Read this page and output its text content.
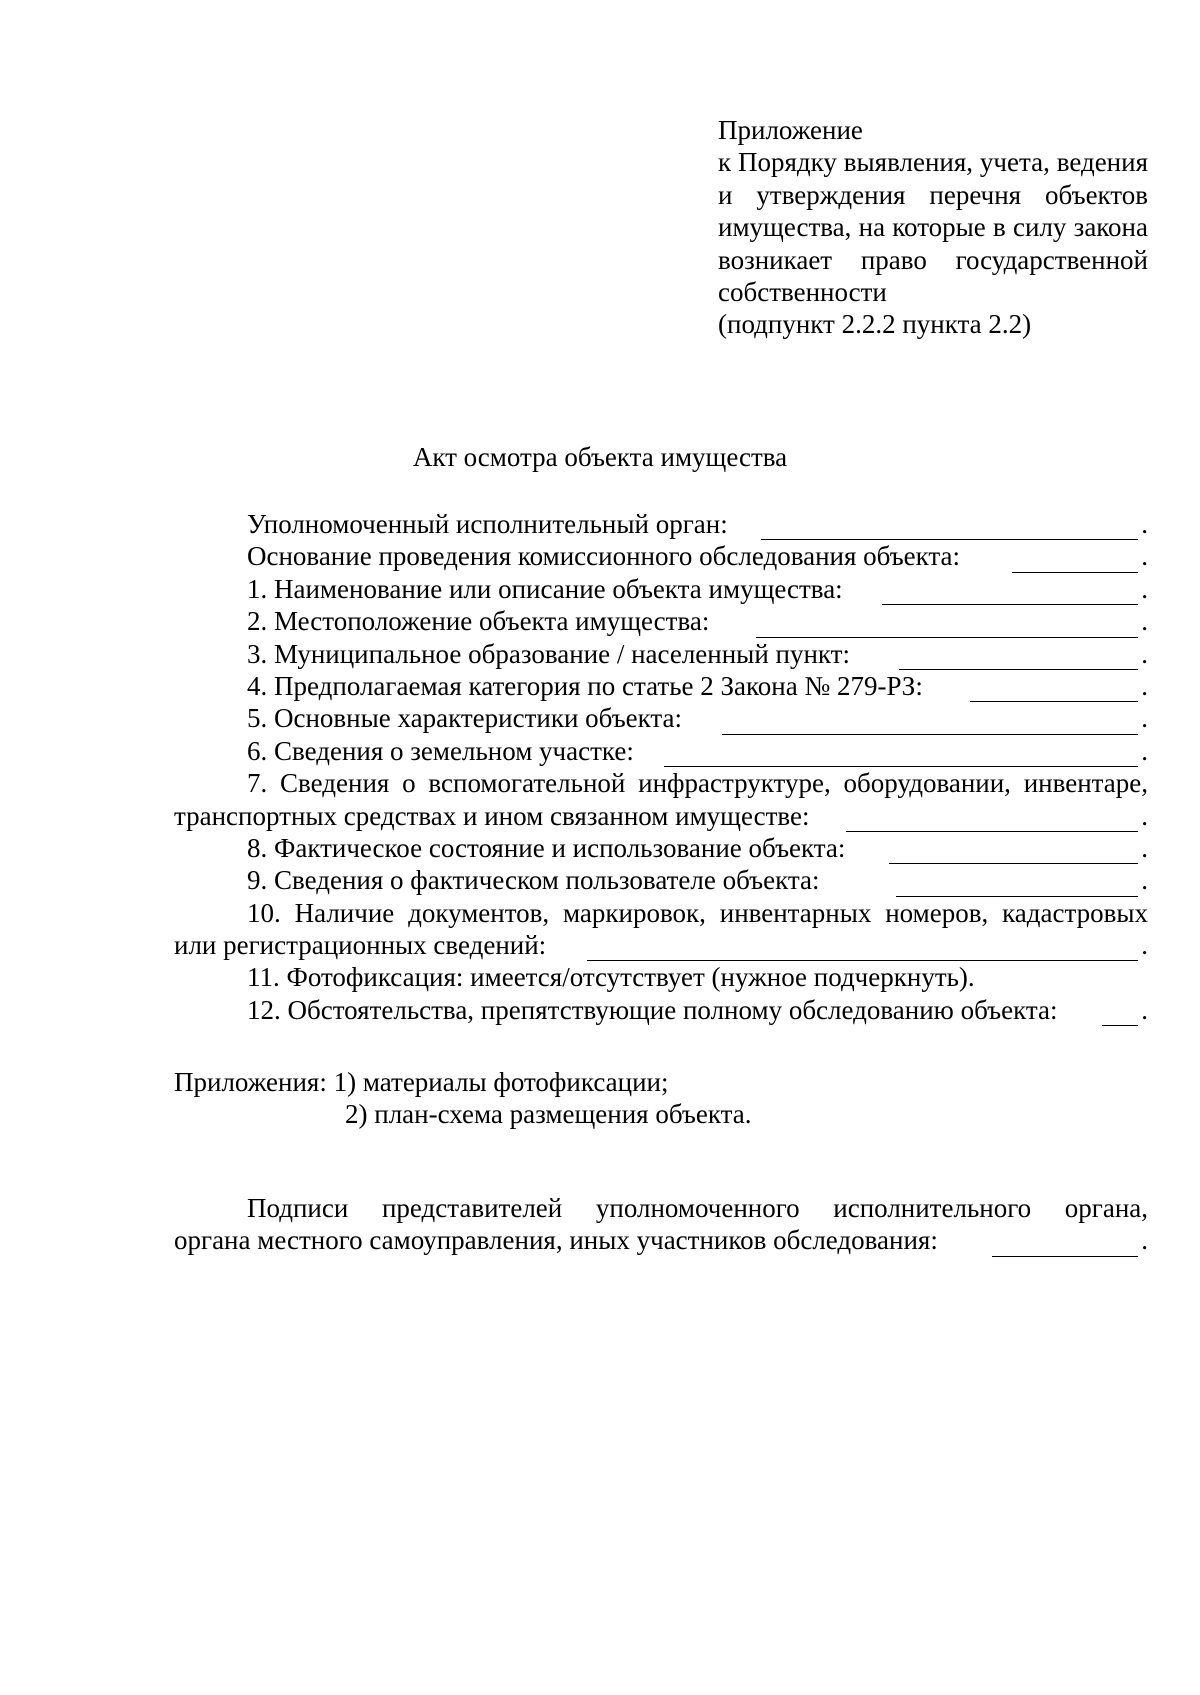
Приложение
к Порядку выявления, учета, ведения и утверждения перечня объектов имущества, на которые в силу закона возникает право государственной собственности
(подпункт 2.2.2 пункта 2.2)
Акт осмотра объекта имущества
Уполномоченный исполнительный орган:	.
Основание проведения комиссионного обследования объекта:	.
1. Наименование или описание объекта имущества:	.
2. Местоположение объекта имущества:	.
3. Муниципальное образование / населенный пункт:	.
4. Предполагаемая категория по статье 2 Закона № 279-РЗ:	.
5. Основные характеристики объекта:	.
6. Сведения о земельном участке:	.
7. Сведения о вспомогательной инфраструктуре, оборудовании, инвентаре,
транспортных средствах и ином связанном имуществе:	.
8. Фактическое состояние и использование объекта:	.
9. Сведения о фактическом пользователе объекта:	.
10. Наличие документов, маркировок, инвентарных номеров, кадастровых
или регистрационных сведений:	.
11. Фотофиксация: имеется/отсутствует (нужное подчеркнуть).
12. Обстоятельства, препятствующие полному обследованию объекта:	.
Приложения: 1) материалы фотофиксации;
2) план-схема размещения объекта.
Подписи представителей уполномоченного исполнительного органа,
органа местного самоуправления, иных участников обследования:	.
